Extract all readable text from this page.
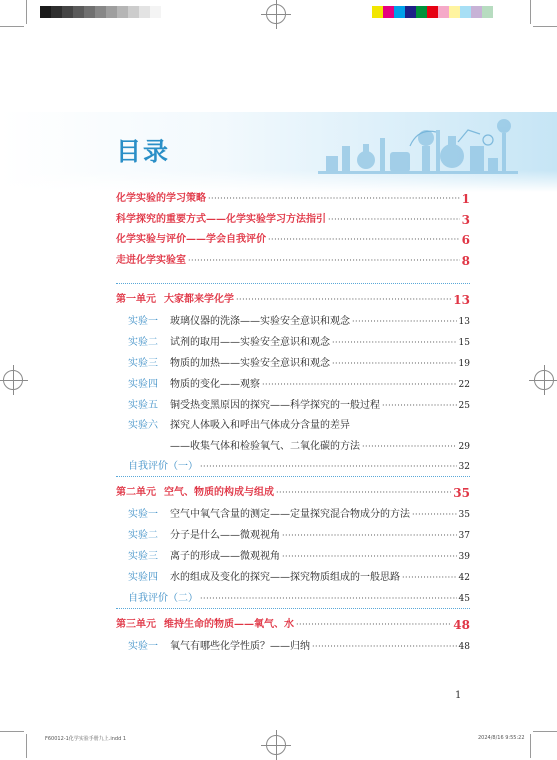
目录
化学实验的学习策略 ·····	1
科学探究的重要方式——化学实验学习方法指引 ·····	3
化学实验与评价——学会自我评价 ·····	6
走进化学实验室 ·····	8
第一单元 大家都来学化学 ·····	13
实验一	玻璃仪器的洗涤——实验安全意识和观念 ·····	13
实验二	试剂的取用——实验安全意识和观念 ·····	15
实验三	物质的加热——实验安全意识和观念 ·····	19
实验四	物质的变化——观察 ·····	22
实验五	铜受热变黑原因的探究——科学探究的一般过程 ·····	25
实验六	探究人体吸入和呼出气体成分含量的差异
——收集气体和检验氧气、二氧化碳的方法 ·····	29
自我评价（一） ·····	32
第二单元 空气、物质的构成与组成 ·····	35
实验一	空气中氧气含量的测定——定量探究混合物成分的方法 ·····	35
实验二	分子是什么——微观视角 ·····	37
实验三	离子的形成——微观视角 ·····	39
实验四	水的组成及变化的探究——探究物质组成的一般思路 ·····	42
自我评价（二） ·····	45
第三单元 维持生命的物质——氧气、水 ·····	48
实验一	氧气有哪些化学性质？——归纳 ·····	48

1

F60012-1化学实验手册九上.indd 1	2024/8/16 9:55:22
